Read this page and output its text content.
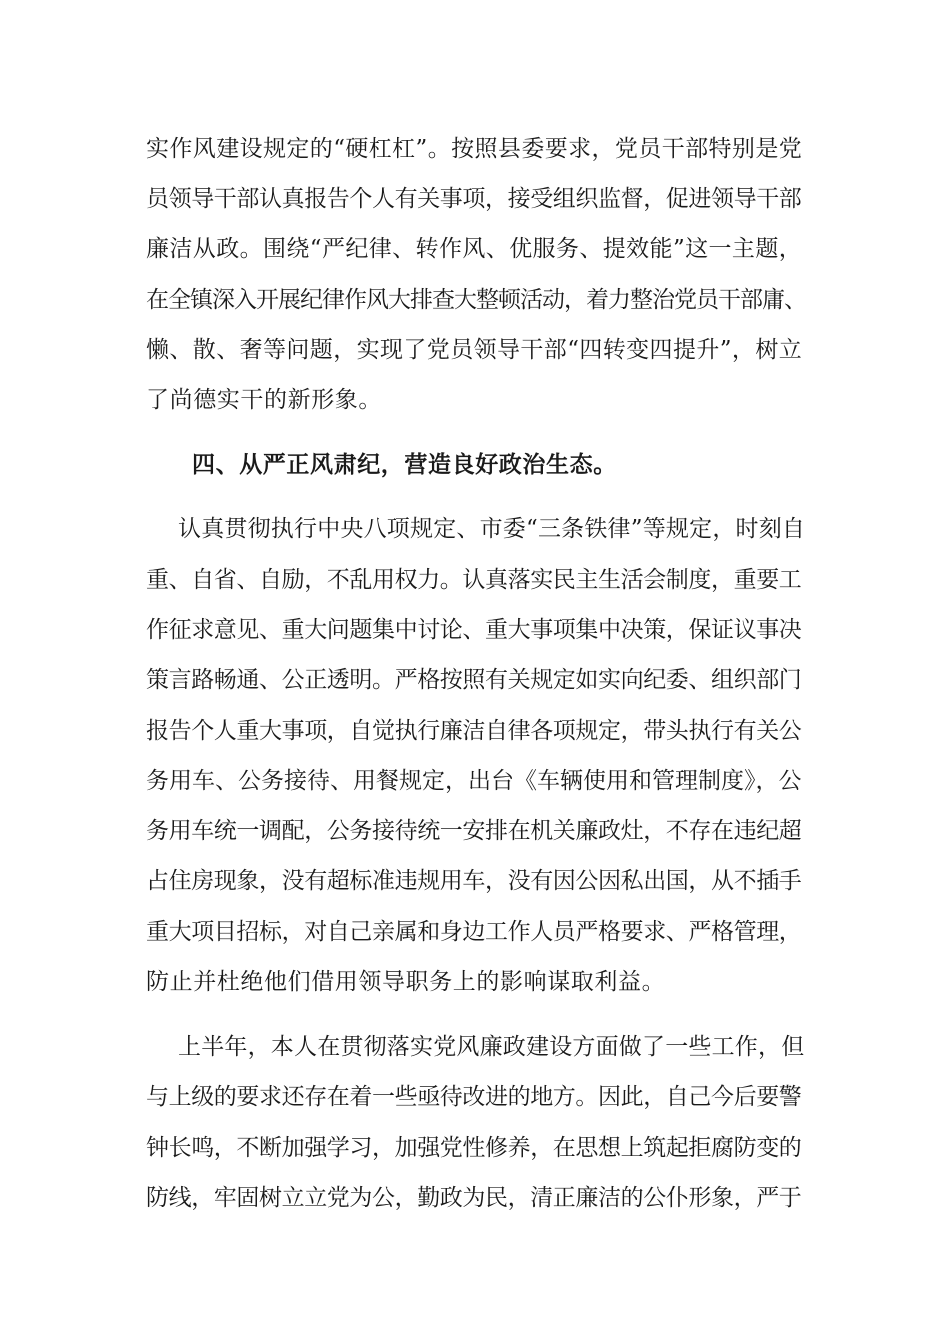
实作风建设规定的“硬杠杠”。按照县委要求，党员干部特别是党
员领导干部认真报告个人有关事项，接受组织监督，促进领导干部
廉洁从政。围绕“严纪律、转作风、优服务、提效能”这一主题，
在全镇深入开展纪律作风大排查大整顿活动，着力整治党员干部庸、
懒、散、奢等问题，实现了党员领导干部“四转变四提升”，树立
了尚德实干的新形象。
四、从严正风肃纪，营造良好政治生态。
认真贯彻执行中央八项规定、市委“三条铁律”等规定，时刻自
重、自省、自励，不乱用权力。认真落实民主生活会制度，重要工
作征求意见、重大问题集中讨论、重大事项集中决策，保证议事决
策言路畅通、公正透明。严格按照有关规定如实向纪委、组织部门
报告个人重大事项，自觉执行廉洁自律各项规定，带头执行有关公
务用车、公务接待、用餐规定，出台《车辆使用和管理制度》，公
务用车统一调配，公务接待统一安排在机关廉政灶，不存在违纪超
占住房现象，没有超标准违规用车，没有因公因私出国，从不插手
重大项目招标，对自己亲属和身边工作人员严格要求、严格管理，
防止并杜绝他们借用领导职务上的影响谋取利益。
上半年，本人在贯彻落实党风廉政建设方面做了一些工作，但
与上级的要求还存在着一些亟待改进的地方。因此，自己今后要警
钟长鸣，不断加强学习，加强党性修养，在思想上筑起拒腐防变的
防线，牢固树立立党为公，勤政为民，清正廉洁的公仆形象，严于
